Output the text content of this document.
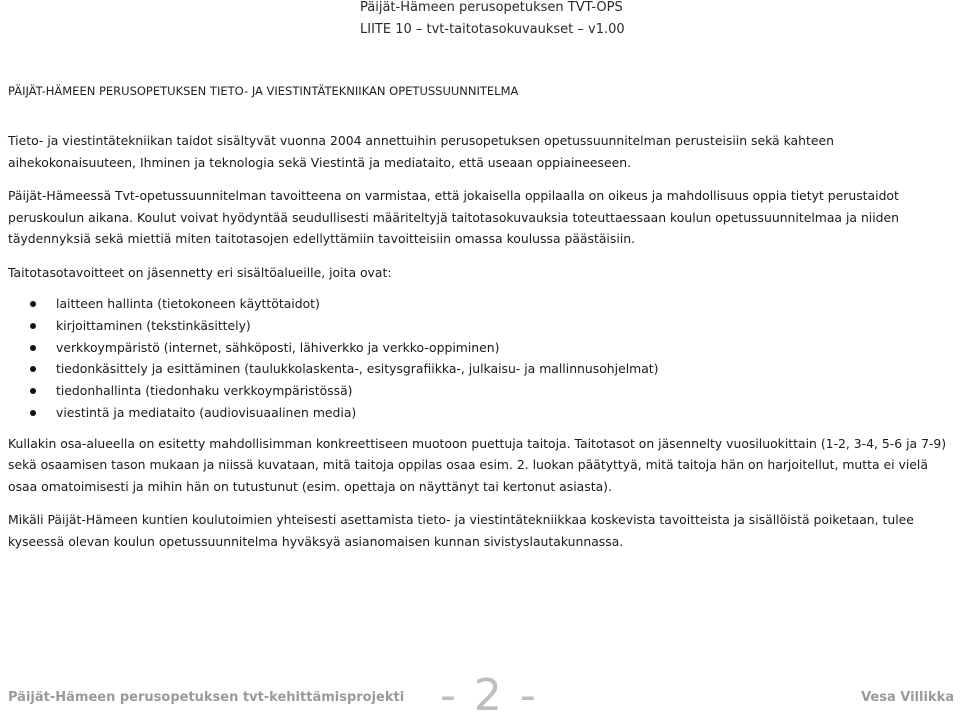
Päijät-Hämeen perusopetuksen TVT-OPS
LIITE 10 – tvt-taitotasokuvaukset – v1.00
PÄIJÄT-HÄMEEN PERUSOPETUKSEN TIETO- JA VIESTINTÄTEKNIIKAN OPETUSSUUNNITELMA

Tieto- ja viestintätekniikan taidot sisältyvät vuonna 2004 annettuihin perusopetuksen opetussuunnitelman perusteisiin sekä kahteen aihekokonaisuuteen, Ihminen ja teknologia sekä Viestintä ja mediataito, että useaan oppiaineeseen.

Päijät-Hämeessä Tvt-opetussuunnitelman tavoitteena on varmistaa, että jokaisella oppilaalla on oikeus ja mahdollisuus oppia tietyt perustaidot peruskoulun aikana. Koulut voivat hyödyntää seudullisesti määriteltyjä taitotasokuvauksia toteuttaessaan koulun opetussuunnitelmaa ja niiden täydennyksiä sekä miettiä miten taitotasojen edellyttämiin tavoitteisiin omassa koulussa päästäisiin.

Taitotasotavoitteet on jäsennetty eri sisältöalueille, joita ovat:

laitteen hallinta (tietokoneen käyttötaidot)
kirjoittaminen (tekstinkäsittely)
verkkoympäristö (internet, sähköposti, lähiverkko ja verkko-oppiminen)
tiedonkäsittely ja esittäminen (taulukkolaskenta-, esitysgrafiikka-, julkaisu- ja mallinnusohjelmat)
tiedonhallinta (tiedonhaku verkkoympäristössä)
viestintä ja mediataito (audiovisuaalinen media)

Kullakin osa-alueella on esitetty mahdollisimman konkreettiseen muotoon puettuja taitoja. Taitotasot on jäsennelty vuosiluokittain (1-2, 3-4, 5-6 ja 7-9) sekä osaamisen tason mukaan ja niissä kuvataan, mitä taitoja oppilas osaa esim. 2. luokan päätyttyä, mitä taitoja hän on harjoitellut, mutta ei vielä osaa omatoimisesti ja mihin hän on tutustunut (esim. opettaja on näyttänyt tai kertonut asiasta).

Mikäli Päijät-Hämeen kuntien koulutoimien yhteisesti asettamista tieto- ja viestintätekniikkaa koskevista tavoitteista ja sisällöistä poiketaan, tulee kyseessä olevan koulun opetussuunnitelma hyväksyä asianomaisen kunnan sivistyslautakunnassa.

Päijät-Hämeen perusopetuksen tvt-kehittämisprojekti - 2 -	Vesa Villikka
